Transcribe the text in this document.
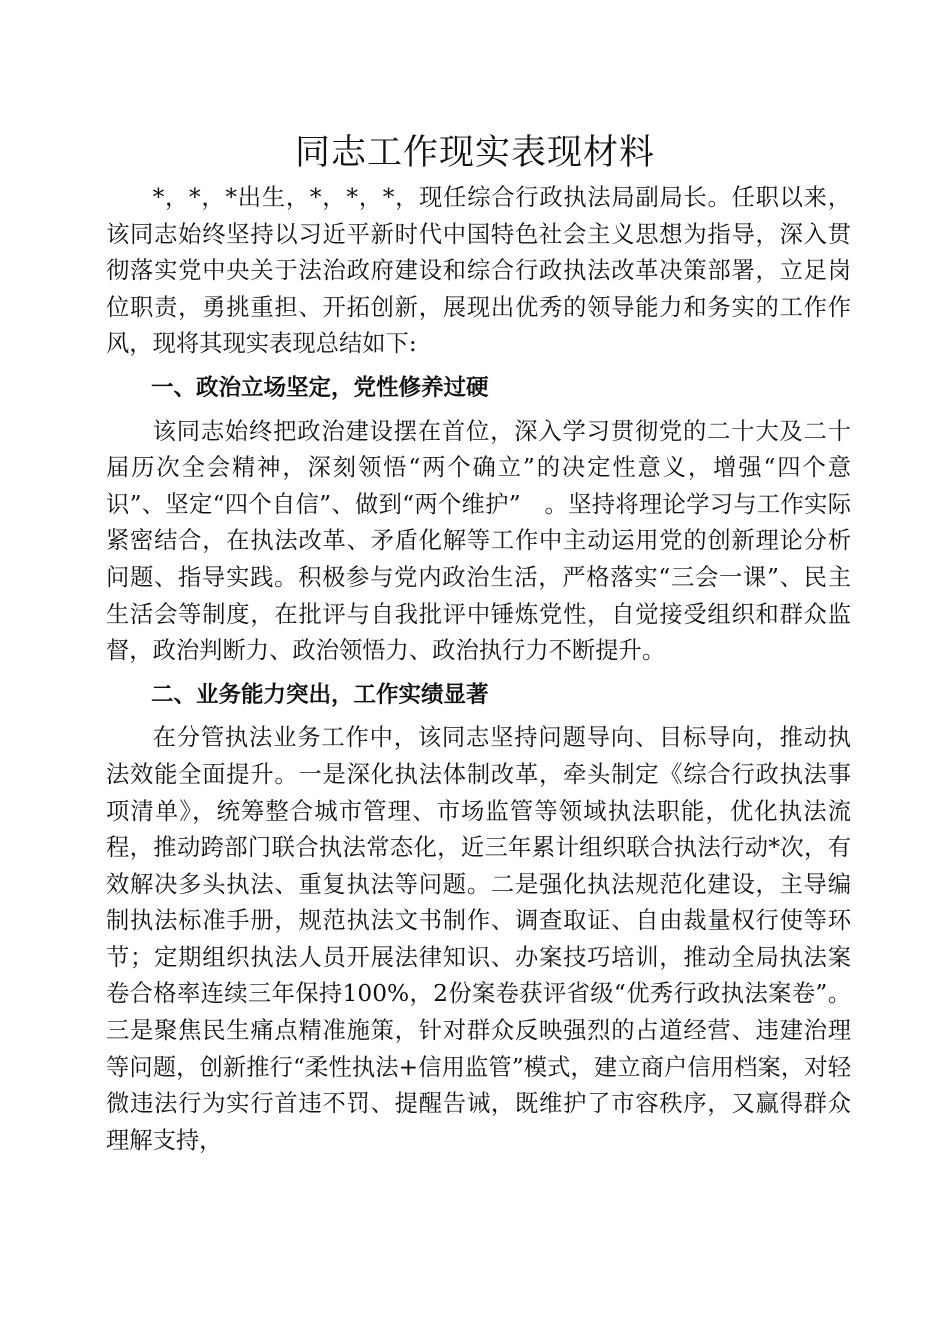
同志工作现实表现材料

*，*，*出生，*，*，*，现任综合行政执法局副局长。任职以来，该同志始终坚持以习近平新时代中国特色社会主义思想为指导，深入贯彻落实党中央关于法治政府建设和综合行政执法改革决策部署，立足岗位职责，勇挑重担、开拓创新，展现出优秀的领导能力和务实的工作作风，现将其现实表现总结如下:

一、政治立场坚定，党性修养过硬

该同志始终把政治建设摆在首位，深入学习贯彻党的二十大及二十届历次全会精神，深刻领悟“两个确立”的决定性意义，增强“四个意识”、坚定“四个自信”、做到“两个维护”　。坚持将理论学习与工作实际紧密结合，在执法改革、矛盾化解等工作中主动运用党的创新理论分析问题、指导实践。积极参与党内政治生活，严格落实“三会一课”、民主生活会等制度，在批评与自我批评中锤炼党性，自觉接受组织和群众监督，政治判断力、政治领悟力、政治执行力不断提升。

二、业务能力突出，工作实绩显著

在分管执法业务工作中，该同志坚持问题导向、目标导向，推动执法效能全面提升。一是深化执法体制改革，牵头制定《综合行政执法事项清单》，统筹整合城市管理、市场监管等领域执法职能，优化执法流程，推动跨部门联合执法常态化，近三年累计组织联合执法行动*次，有效解决多头执法、重复执法等问题。二是强化执法规范化建设，主导编制执法标准手册，规范执法文书制作、调查取证、自由裁量权行使等环节；定期组织执法人员开展法律知识、办案技巧培训，推动全局执法案卷合格率连续三年保持100%，2份案卷获评省级“优秀行政执法案卷”。三是聚焦民生痛点精准施策，针对群众反映强烈的占道经营、违建治理等问题，创新推行“柔性执法+信用监管”模式，建立商户信用档案，对轻微违法行为实行首违不罚、提醒告诫，既维护了市容秩序，又赢得群众理解支持，
